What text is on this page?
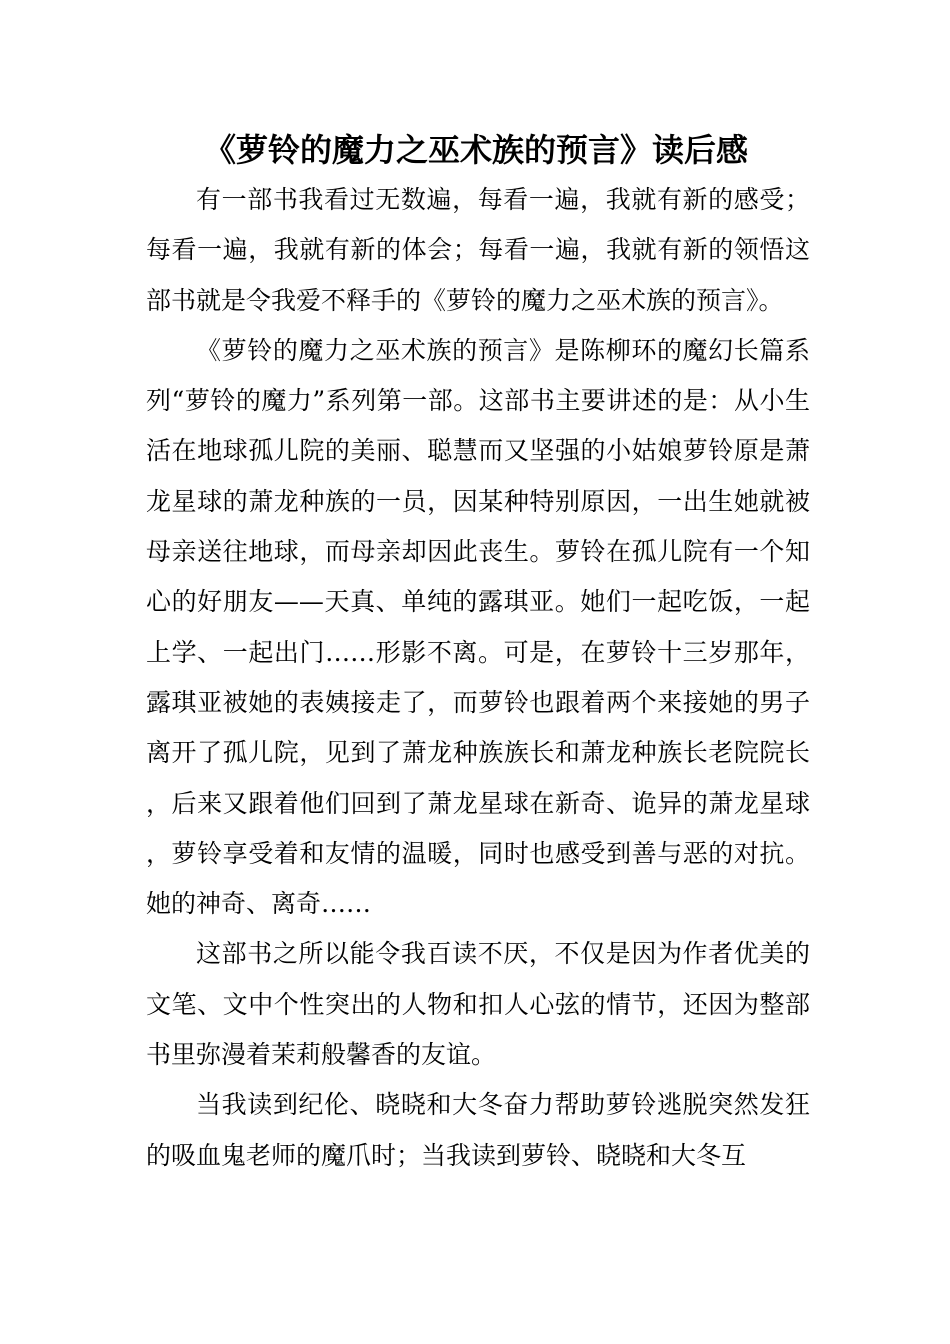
《萝铃的魔力之巫术族的预言》读后感

有一部书我看过无数遍，每看一遍，我就有新的感受；每看一遍，我就有新的体会；每看一遍，我就有新的领悟这部书就是令我爱不释手的《萝铃的魔力之巫术族的预言》。

《萝铃的魔力之巫术族的预言》是陈柳环的魔幻长篇系列“萝铃的魔力”系列第一部。这部书主要讲述的是：从小生活在地球孤儿院的美丽、聪慧而又坚强的小姑娘萝铃原是萧龙星球的萧龙种族的一员，因某种特别原因，一出生她就被母亲送往地球，而母亲却因此丧生。萝铃在孤儿院有一个知心的好朋友——天真、单纯的露琪亚。她们一起吃饭，一起上学、一起出门……形影不离。可是，在萝铃十三岁那年，露琪亚被她的表姨接走了，而萝铃也跟着两个来接她的男子离开了孤儿院，见到了萧龙种族族长和萧龙种族长老院院长，后来又跟着他们回到了萧龙星球在新奇、诡异的萧龙星球，萝铃享受着和友情的温暖，同时也感受到善与恶的对抗。她的神奇、离奇……

这部书之所以能令我百读不厌，不仅是因为作者优美的文笔、文中个性突出的人物和扣人心弦的情节，还因为整部书里弥漫着茉莉般馨香的友谊。

当我读到纪伦、晓晓和大冬奋力帮助萝铃逃脱突然发狂的吸血鬼老师的魔爪时；当我读到萝铃、晓晓和大冬互
